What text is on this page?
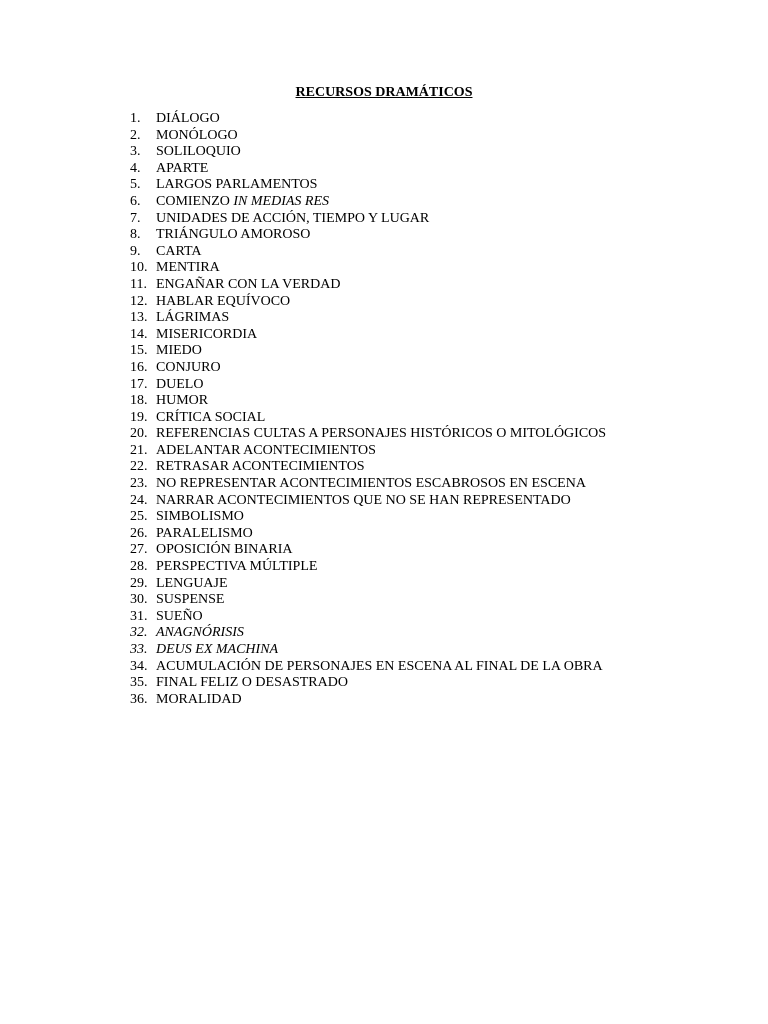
RECURSOS DRAMÁTICOS
1.	DIÁLOGO
2.	MONÓLOGO
3.	SOLILOQUIO
4.	APARTE
5.	LARGOS PARLAMENTOS
6.	COMIENZO IN MEDIAS RES
7.	UNIDADES DE ACCIÓN, TIEMPO Y LUGAR
8.	TRIÁNGULO AMOROSO
9.	CARTA
10. MENTIRA
11. ENGAÑAR CON LA VERDAD
12. HABLAR EQUÍVOCO
13. LÁGRIMAS
14. MISERICORDIA
15. MIEDO
16. CONJURO
17. DUELO
18. HUMOR
19. CRÍTICA SOCIAL
20. REFERENCIAS CULTAS A PERSONAJES HISTÓRICOS O MITOLÓGICOS
21. ADELANTAR ACONTECIMIENTOS
22. RETRASAR ACONTECIMIENTOS
23. NO REPRESENTAR ACONTECIMIENTOS ESCABROSOS EN ESCENA
24. NARRAR ACONTECIMIENTOS QUE NO SE HAN REPRESENTADO
25. SIMBOLISMO
26. PARALELISMO
27. OPOSICIÓN BINARIA
28. PERSPECTIVA MÚLTIPLE
29. LENGUAJE
30. SUSPENSE
31. SUEÑO
32. ANAGNÓRISIS
33. DEUS EX MACHINA
34. ACUMULACIÓN DE PERSONAJES EN ESCENA AL FINAL DE LA OBRA
35. FINAL FELIZ O DESASTRADO
36. MORALIDAD
